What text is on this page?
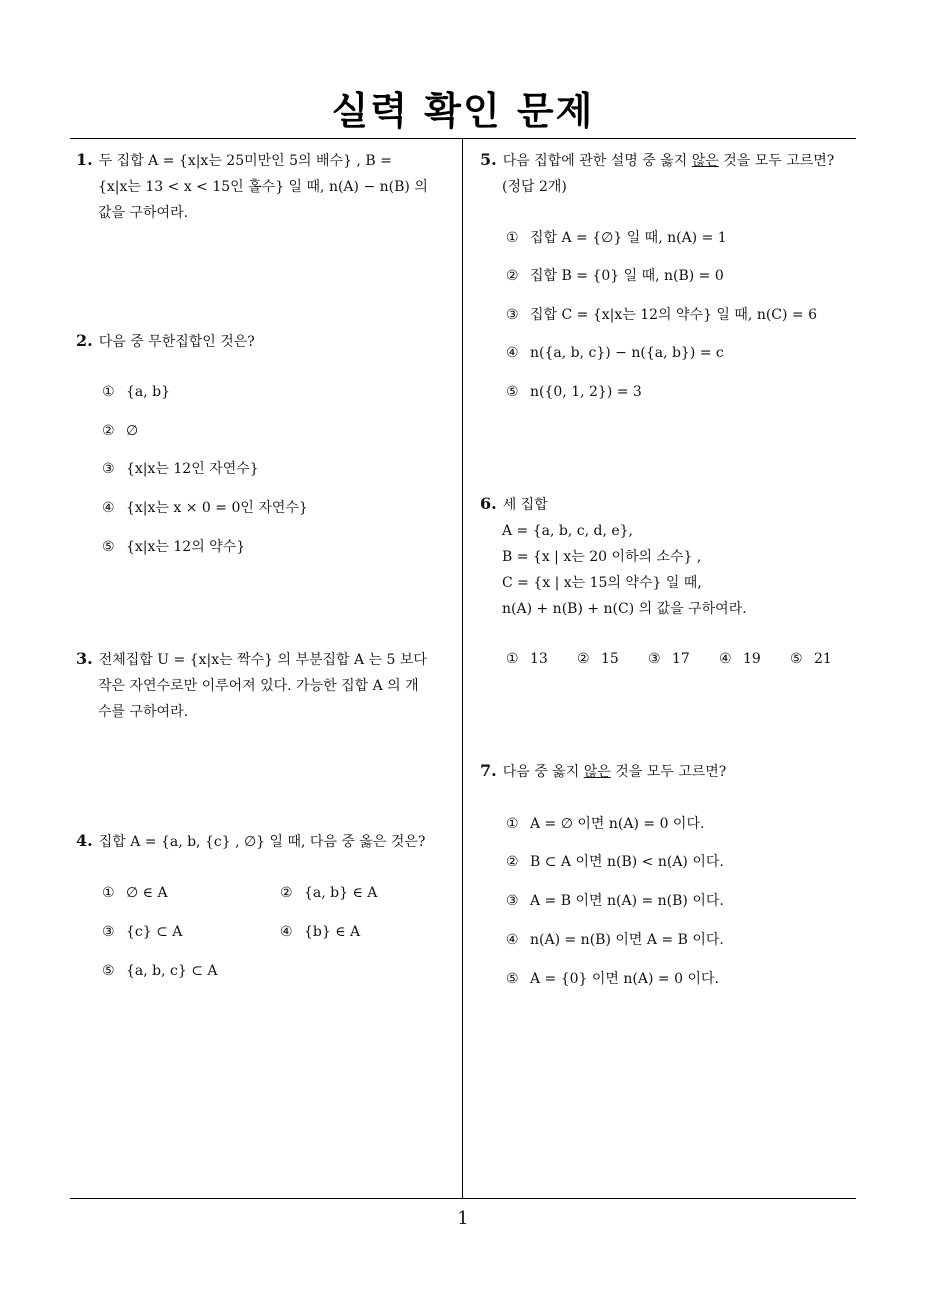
실력 확인 문제
1
1. 두 집합 A = {x|x는 25미만인 5의 배수} , B =
{x|x는 13 < x < 15인 홀수} 일 때, n(A) − n(B) 의
값을 구하여라.
2. 다음 중 무한집합인 것은?
① {a, b}
② ∅
③ {x|x는 12인 자연수}
④ {x|x는 x × 0 = 0인 자연수}
⑤ {x|x는 12의 약수}
3. 전체집합 U = {x|x는 짝수} 의 부분집합 A 는 5 보다
작은 자연수로만 이루어져 있다. 가능한 집합 A 의 개
수를 구하여라.
4. 집합 A = {a, b, {c} , ∅} 일 때, 다음 중 옳은 것은?
① ∅ ∈ A	② {a, b} ∈ A
③ {c} ⊂ A	④ {b} ∈ A
⑤ {a, b, c} ⊂ A
5. 다음 집합에 관한 설명 중 옳지 않은 것을 모두 고르면?
(정답 2개)
① 집합 A = {∅} 일 때, n(A) = 1
② 집합 B = {0} 일 때, n(B) = 0
③ 집합 C = {x|x는 12의 약수} 일 때, n(C) = 6
④ n({a, b, c}) − n({a, b}) = c
⑤ n({0, 1, 2}) = 3
6. 세 집합
A = {a, b, c, d, e},
B = {x | x는 20 이하의 소수} ,
C = {x | x는 15의 약수} 일 때,
n(A) + n(B) + n(C) 의 값을 구하여라.
① 13 ② 15 ③ 17 ④ 19 ⑤ 21
7. 다음 중 옳지 않은 것을 모두 고르면?
① A = ∅ 이면 n(A) = 0 이다.
② B ⊂ A 이면 n(B) < n(A) 이다.
③ A = B 이면 n(A) = n(B) 이다.
④ n(A) = n(B) 이면 A = B 이다.
⑤ A = {0} 이면 n(A) = 0 이다.
